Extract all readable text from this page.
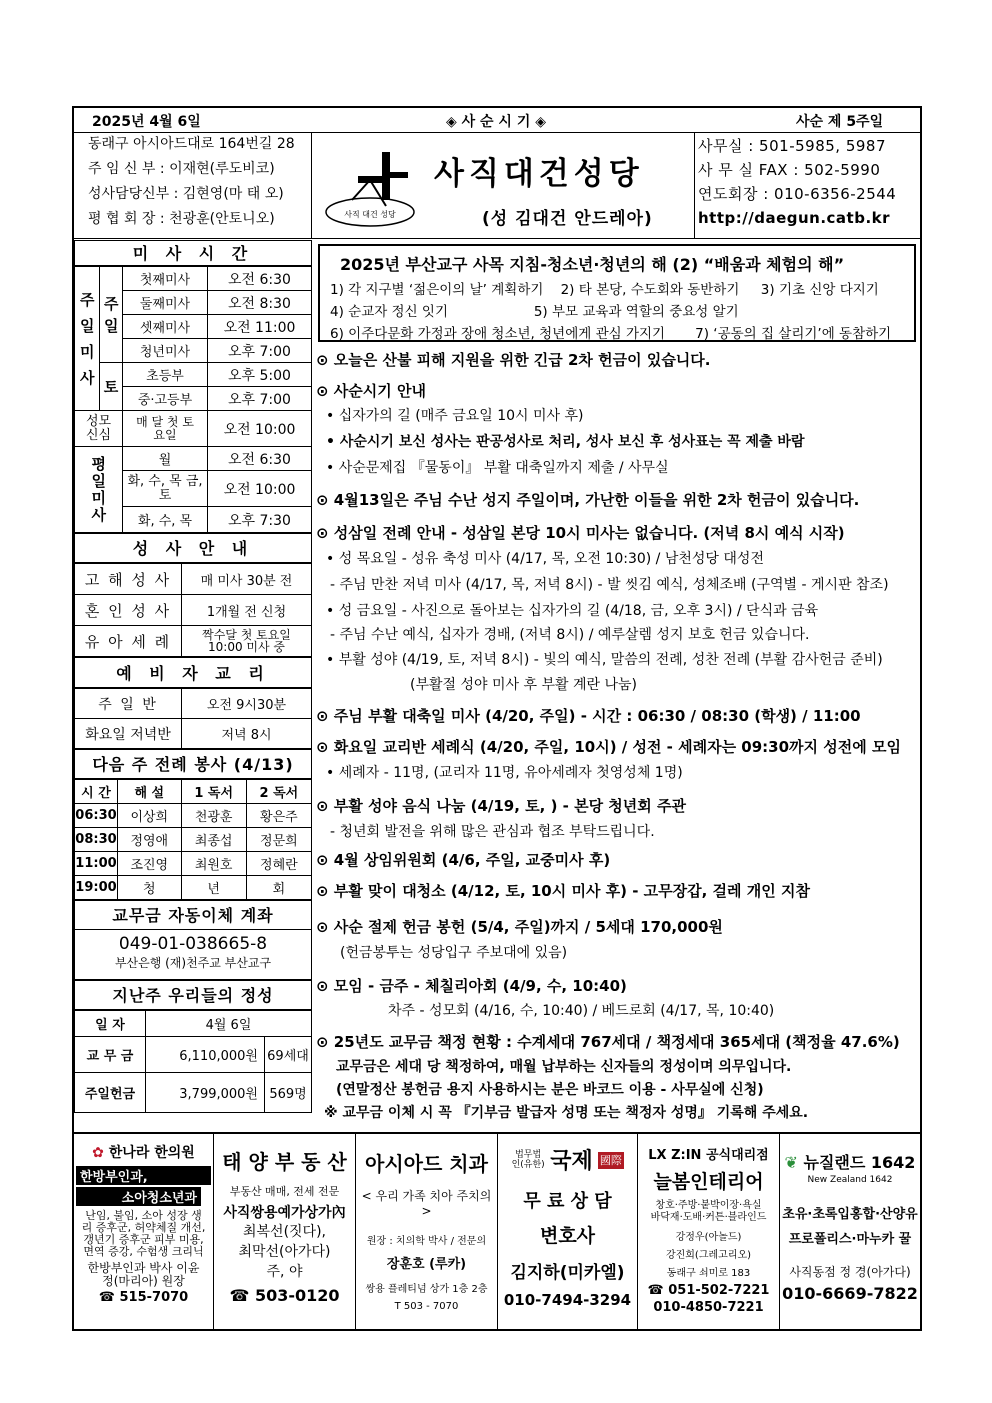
2025년 4월 6일	◈ 사 순 시 기 ◈	사순 제 5주일
동래구 아시아드대로 164번길 28
주 임 신 부 : 이재현(루도비코)
성사담당신부 : 김현영(마 태 오)
평 협 회 장 : 천광훈(안토니오)	사직 대건 성당
사직대건성당
(성 김대건 안드레아)
사무실 : 501-5985, 5987
사 무 실 FAX : 502-5990
연도회장 : 010-6356-2544
http://daegun.catb.kr
미 사 시 간
주 일 미 사	주 일	첫째미사	오전 6:30
		둘째미사	오전 8:30
		셋째미사	오전 11:00
		청년미사	오후 7:00
	토	초등부	오후 5:00
		중·고등부	오후 7:00

성모 신심		매 달 첫 토요일	오전 10:00

평 일 미 사		월	오전 6:30

		화, 수, 목 금, 토	오전 10:00
		화, 수, 목	오후 7:30
성 사 안 내
고 해 성 사	매 미사 30분 전
혼 인 성 사	1개월 전 신청
유 아 세 례	짝수달 첫 토요일 10:00 미사 중
예 비 자 교 리
주 일 반	오전 9시30분
화요일 저녁반	저녁 8시
다음 주 전례 봉사 (4/13)
시 간	해 설	1 독서	2 독서
06:30	이상희	천광훈	황은주
08:30	정영애	최종섭	정문희
11:00	조진영	최원호	정혜란
19:00	청	년	회
교무금 자동이체 계좌
049-01-038665-8
부산은행 (재)천주교 부산교구
지난주 우리들의 정성
일 자	4월 6일	
교 무 금	6,110,000원	69세대
주일헌금	3,799,000원	569명
2025년 부산교구 사목 지침-청소년·청년의 해 (2) “배움과 체험의 해”
1) 각 지구별 ‘젊은이의 날’ 계획하기    2) 타 본당, 수도회와 동반하기     3) 기초 신앙 다지기
4) 순교자 정신 잇기                    5) 부모 교육과 역할의 중요성 알기
6) 이주다문화 가정과 장애 청소년, 청년에게 관심 가지기       7) ‘공동의 집 살리기’에 동참하기
⊙ 오늘은 산불 피해 지원을 위한 긴급 2차 헌금이 있습니다.
⊙ 사순시기 안내
• 십자가의 길 (매주 금요일 10시 미사 후)
• 사순시기 보신 성사는 판공성사로 처리, 성사 보신 후 성사표는 꼭 제출 바람
• 사순문제집 『물동이』 부활 대축일까지 제출 / 사무실
⊙ 4월13일은 주님 수난 성지 주일이며, 가난한 이들을 위한 2차 헌금이 있습니다.
⊙ 성삼일 전례 안내 - 성삼일 본당 10시 미사는 없습니다. (저녁 8시 예식 시작)
• 성 목요일 - 성유 축성 미사 (4/17, 목, 오전 10:30) / 남천성당 대성전
- 주님 만찬 저녁 미사 (4/17, 목, 저녁 8시) - 발 씻김 예식, 성체조배 (구역별 - 게시판 참조)
• 성 금요일 - 사진으로 돌아보는 십자가의 길 (4/18, 금, 오후 3시) / 단식과 금육
- 주님 수난 예식, 십자가 경배, (저녁 8시) / 예루살렘 성지 보호 헌금 있습니다.
• 부활 성야 (4/19, 토, 저녁 8시) - 빛의 예식, 말씀의 전례, 성찬 전례 (부활 감사헌금 준비)
(부활절 성야 미사 후 부활 계란 나눔)
⊙ 주님 부활 대축일 미사 (4/20, 주일) - 시간 : 06:30 / 08:30 (학생) / 11:00
⊙ 화요일 교리반 세례식 (4/20, 주일, 10시) / 성전 - 세례자는 09:30까지 성전에 모임
• 세례자 - 11명, (교리자 11명, 유아세례자 첫영성체 1명)
⊙ 부활 성야 음식 나눔 (4/19, 토, ) - 본당 청년회 주관
- 청년회 발전을 위해 많은 관심과 협조 부탁드립니다.
⊙ 4월 상임위원회 (4/6, 주일, 교중미사 후)
⊙ 부활 맞이 대청소 (4/12, 토, 10시 미사 후) - 고무장갑, 걸레 개인 지참
⊙ 사순 절제 헌금 봉헌 (5/4, 주일)까지 / 5세대 170,000원
(헌금봉투는 성당입구 주보대에 있음)
⊙ 모임 - 금주 - 체칠리아회 (4/9, 수, 10:40)
차주 - 성모회 (4/16, 수, 10:40) / 베드로회 (4/17, 목, 10:40)
⊙ 25년도 교무금 책정 현황 : 수계세대 767세대 / 책정세대 365세대 (책정율 47.6%)
교무금은 세대 당 책정하여, 매월 납부하는 신자들의 정성이며 의무입니다.
(연말정산 봉헌금 용지 사용하시는 분은 바코드 이용 - 사무실에 신청)
※ 교무금 이체 시 꼭 『기부금 발급자 성명 또는 책정자 성명』 기록해 주세요.
✿ 한나라 한의원
한방부인과,
소아청소년과
난임, 불임, 소아 성장 생리 증후군, 허약체질 개선,갱년기 증후군 피부 미용, 면역 증강, 수험생 크리닉
한방부인과 박사 이윤정(마리아) 원장
☎ 515-7070
태 양 부 동 산
부동산 매매, 전세 전문
사직쌍용예가상가內
최복선(짓다), 최막선(아가다) 주, 야
☎ 503-0120
아시아드 치과
< 우리 가족 치아 주치의 >
원장 : 치의학 박사 / 전문의
장훈호 (루카)
쌍용 플레티넘 상가 1층 2층
T 503 - 7070
법무법인(유한) 국제 國際
무 료 상 담
변호사
김지하(미카엘)
010-7494-3294
LX Z:IN 공식대리점
늘봄인테리어
창호·주방·붙박이장·욕실 바닥재·도배·커튼·블라인드
강정우(아놀드)
강진희(그레고리오)
동래구 쇠미로 183
☎ 051-502-7221
010-4850-7221
❦ 뉴질랜드 1642
New Zealand 1642
초유·초록입홍합·산양유
프로폴리스·마누카 꿀
사직동점 정 경(아가다)
010-6669-7822
